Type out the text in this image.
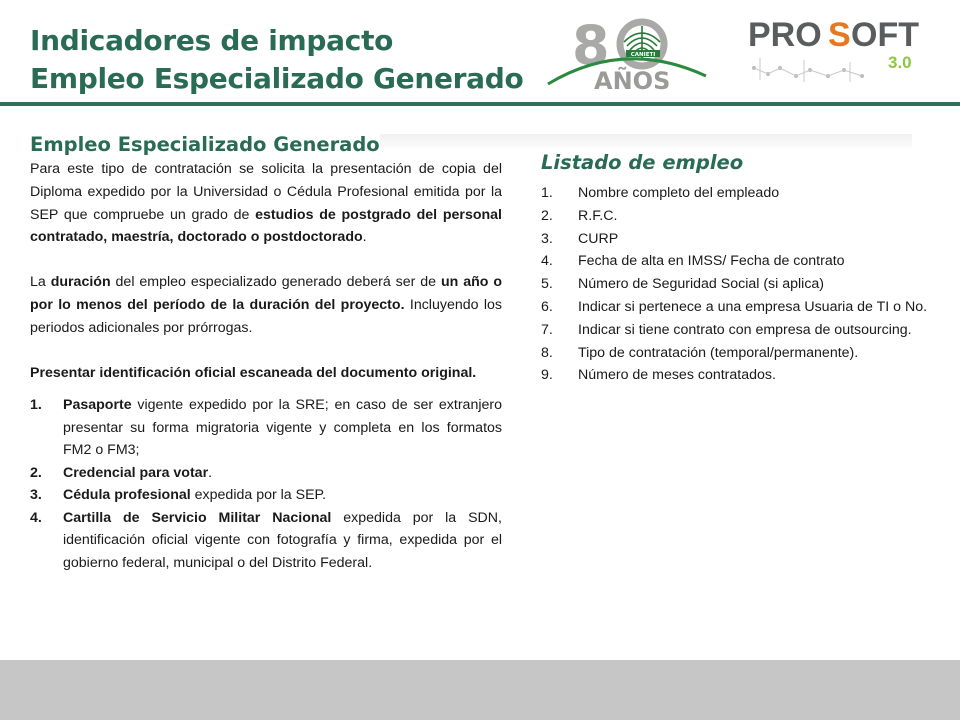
Indicadores de impacto
Empleo Especializado Generado
8	CANIETI
AÑOS
PRO S OFT
3.0
Empleo Especializado Generado

Para este tipo de contratación se solicita la presentación de copia del Diploma expedido por la Universidad o Cédula Profesional emitida por la SEP que compruebe un grado de estudios de postgrado del personal contratado, maestría, doctorado o postdoctorado.

La duración del empleo especializado generado deberá ser de un año o por lo menos del período de la duración del proyecto. Incluyendo los periodos adicionales por prórrogas.

Presentar identificación oficial escaneada del documento original.

1. Pasaporte vigente expedido por la SRE; en caso de ser extranjero presentar su forma migratoria vigente y completa en los formatos FM2 o FM3;
2. Credencial para votar.
3. Cédula profesional expedida por la SEP.
4. Cartilla de Servicio Militar Nacional expedida por la SDN, identificación oficial vigente con fotografía y firma, expedida por el gobierno federal, municipal o del Distrito Federal.
Listado de empleo
1. Nombre completo del empleado
2. R.F.C.
3. CURP
4. Fecha de alta en IMSS/ Fecha de contrato
5. Número de Seguridad Social (si aplica)
6. Indicar si pertenece a una empresa Usuaria de TI o No.
7. Indicar si tiene contrato con empresa de outsourcing.
8. Tipo de contratación (temporal/permanente).
9. Número de meses contratados.
